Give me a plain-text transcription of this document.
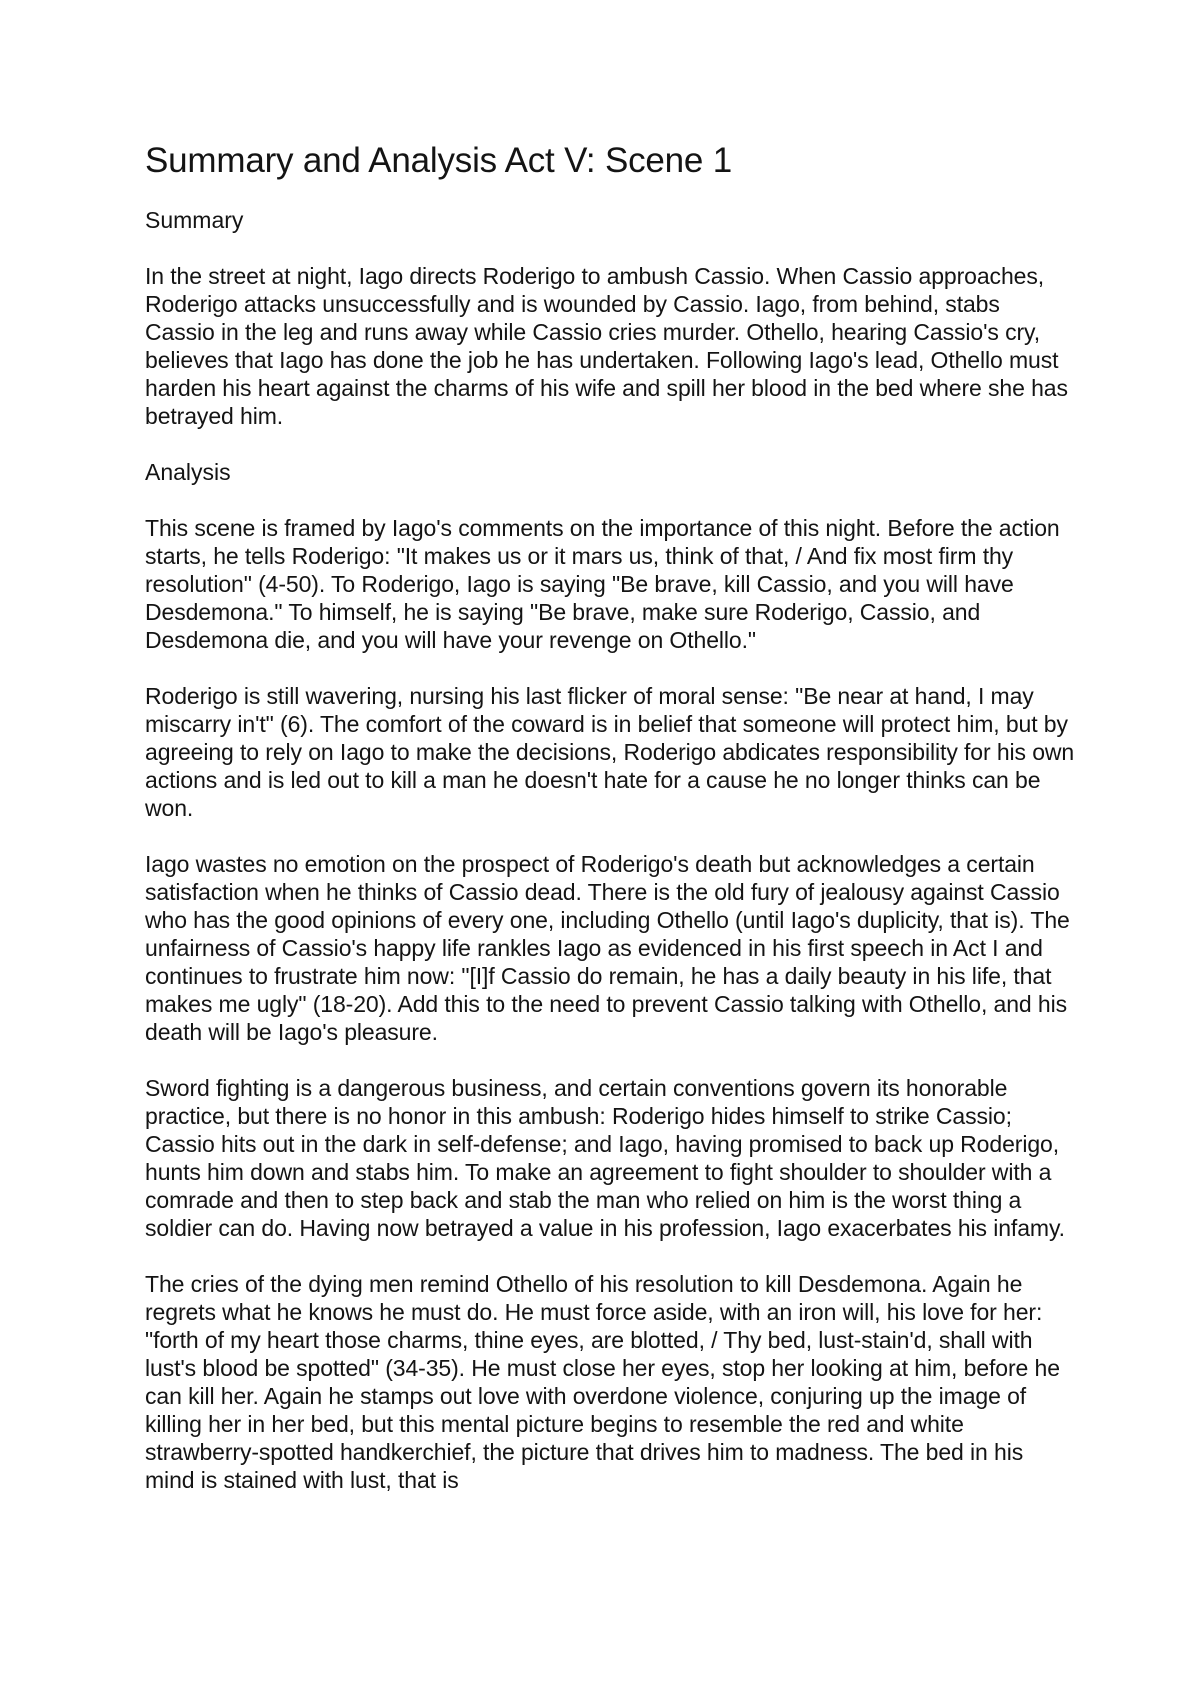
Summary and Analysis Act V: Scene 1

Summary

In the street at night, Iago directs Roderigo to ambush Cassio. When Cassio approaches, Roderigo attacks unsuccessfully and is wounded by Cassio. Iago, from behind, stabs Cassio in the leg and runs away while Cassio cries murder. Othello, hearing Cassio's cry, believes that Iago has done the job he has undertaken. Following Iago's lead, Othello must harden his heart against the charms of his wife and spill her blood in the bed where she has betrayed him.

Analysis

This scene is framed by Iago's comments on the importance of this night. Before the action starts, he tells Roderigo: "It makes us or it mars us, think of that, / And fix most firm thy resolution" (4-50). To Roderigo, Iago is saying "Be brave, kill Cassio, and you will have Desdemona." To himself, he is saying "Be brave, make sure Roderigo, Cassio, and Desdemona die, and you will have your revenge on Othello."

Roderigo is still wavering, nursing his last flicker of moral sense: "Be near at hand, I may miscarry in't" (6). The comfort of the coward is in belief that someone will protect him, but by agreeing to rely on Iago to make the decisions, Roderigo abdicates responsibility for his own actions and is led out to kill a man he doesn't hate for a cause he no longer thinks can be won.

Iago wastes no emotion on the prospect of Roderigo's death but acknowledges a certain satisfaction when he thinks of Cassio dead. There is the old fury of jealousy against Cassio who has the good opinions of every one, including Othello (until Iago's duplicity, that is). The unfairness of Cassio's happy life rankles Iago as evidenced in his first speech in Act I and continues to frustrate him now: "[I]f Cassio do remain, he has a daily beauty in his life, that makes me ugly" (18-20). Add this to the need to prevent Cassio talking with Othello, and his death will be Iago's pleasure.

Sword fighting is a dangerous business, and certain conventions govern its honorable practice, but there is no honor in this ambush: Roderigo hides himself to strike Cassio; Cassio hits out in the dark in self-defense; and Iago, having promised to back up Roderigo, hunts him down and stabs him. To make an agreement to fight shoulder to shoulder with a comrade and then to step back and stab the man who relied on him is the worst thing a soldier can do. Having now betrayed a value in his profession, Iago exacerbates his infamy.

The cries of the dying men remind Othello of his resolution to kill Desdemona. Again he regrets what he knows he must do. He must force aside, with an iron will, his love for her: "forth of my heart those charms, thine eyes, are blotted, / Thy bed, lust-stain'd, shall with lust's blood be spotted" (34-35). He must close her eyes, stop her looking at him, before he can kill her. Again he stamps out love with overdone violence, conjuring up the image of killing her in her bed, but this mental picture begins to resemble the red and white strawberry-spotted handkerchief, the picture that drives him to madness. The bed in his mind is stained with lust, that is
